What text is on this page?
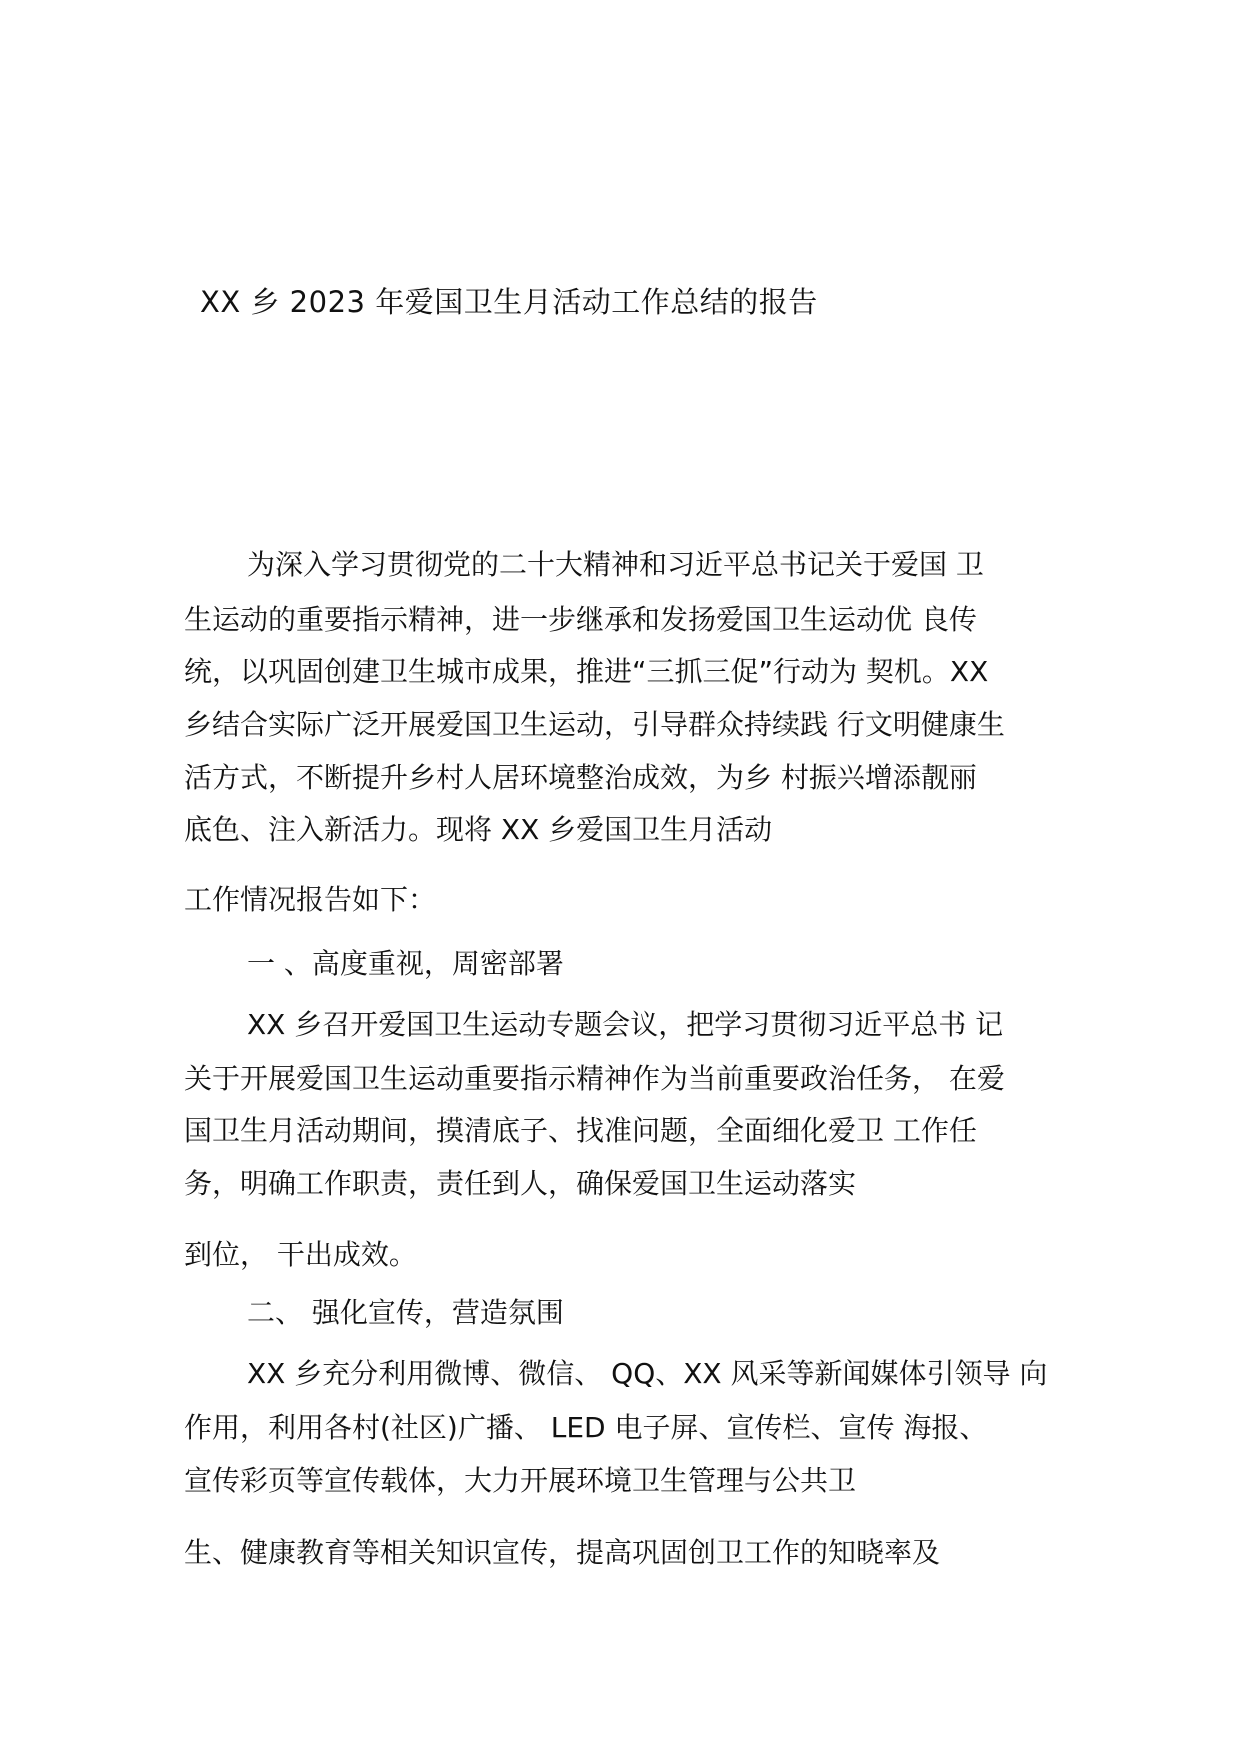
XX 乡 2023 年爱国卫生月活动工作总结的报告
为深入学习贯彻党的二十大精神和习近平总书记关于爱国 卫
生运动的重要指示精神，进一步继承和发扬爱国卫生运动优 良传
统，以巩固创建卫生城市成果，推进“三抓三促”行动为 契机。XX
乡结合实际广泛开展爱国卫生运动，引导群众持续践 行文明健康生
活方式，不断提升乡村人居环境整治成效，为乡 村振兴增添靓丽
底色、注入新活力。现将 XX 乡爱国卫生月活动
工作情况报告如下：
一 、高度重视，周密部署
XX 乡召开爱国卫生运动专题会议，把学习贯彻习近平总书 记
关于开展爱国卫生运动重要指示精神作为当前重要政治任务， 在爱
国卫生月活动期间，摸清底子、找准问题，全面细化爱卫 工作任
务，明确工作职责，责任到人，确保爱国卫生运动落实
到位， 干出成效。
二、 强化宣传，营造氛围
XX 乡充分利用微博、微信、 QQ、XX 风采等新闻媒体引领导 向
作用，利用各村(社区)广播、 LED 电子屏、宣传栏、宣传 海报、
宣传彩页等宣传载体，大力开展环境卫生管理与公共卫
生、健康教育等相关知识宣传，提高巩固创卫工作的知晓率及
